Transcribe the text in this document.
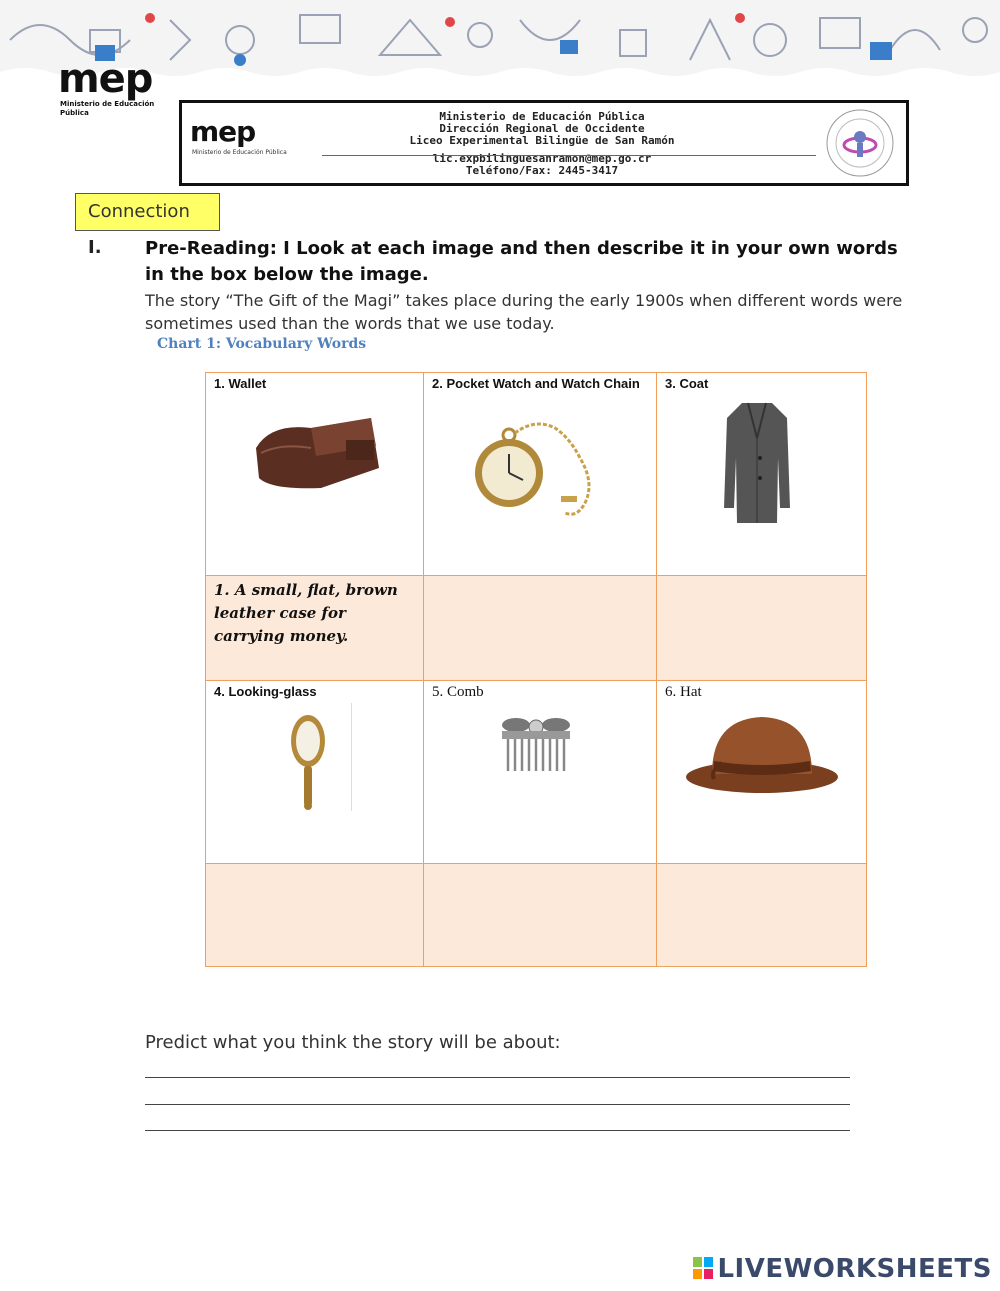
mep
Ministerio de Educación Pública
mep
Ministerio de Educación Pública
Ministerio de Educación Pública
Dirección Regional de Occidente
Liceo Experimental Bilingüe de San Ramón
lic.expbilinguesanramon@mep.go.cr
Teléfono/Fax: 2445-3417
Connection
I. Pre-Reading: I Look at each image and then describe it in your own words in the box below the image.
The story “The Gift of the Magi” takes place during the early 1900s when different words were sometimes used than the words that we use today.
Chart 1: Vocabulary Words
1. Wallet	2. Pocket Watch and Watch Chain	3. Coat

1. A small, flat, brown leather case for carrying money.		

4. Looking-glass	5. Comb	6. Hat

Predict what you think the story will be about:
LIVEWORKSHEETS
